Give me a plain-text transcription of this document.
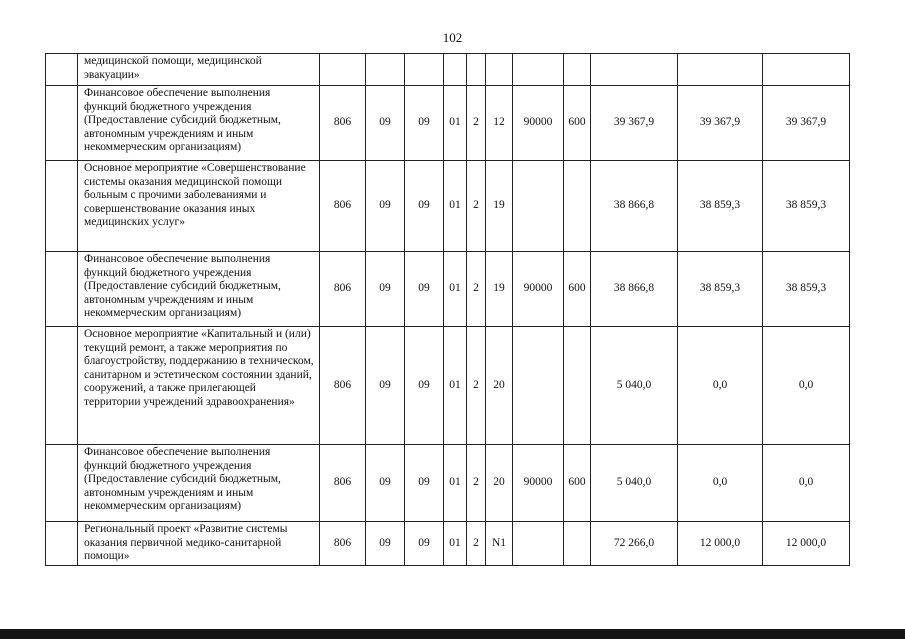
102
	медицинской помощи, медицинской эвакуации»											
	Финансовое обеспечение выполнения функций бюджетного учреждения (Предоставление субсидий бюджетным, автономным учреждениям и иным некоммерческим организациям)	806	09	09	01	2	12	90000	600	39 367,9	39 367,9	39 367,9
	Основное мероприятие «Совершенствование системы оказания медицинской помощи больным с прочими заболеваниями и совершенствование оказания иных медицинских услуг»	806	09	09	01	2	19			38 866,8	38 859,3	38 859,3
	Финансовое обеспечение выполнения функций бюджетного учреждения (Предоставление субсидий бюджетным, автономным учреждениям и иным некоммерческим организациям)	806	09	09	01	2	19	90000	600	38 866,8	38 859,3	38 859,3
	Основное мероприятие «Капитальный и (или) текущий ремонт, а также мероприятия по благоустройству, поддержанию в техническом, санитарном и эстетическом состоянии зданий, сооружений, а также прилегающей территории учреждений здравоохранения»	806	09	09	01	2	20			5 040,0	0,0	0,0
	Финансовое обеспечение выполнения функций бюджетного учреждения (Предоставление субсидий бюджетным, автономным учреждениям и иным некоммерческим организациям)	806	09	09	01	2	20	90000	600	5 040,0	0,0	0,0
	Региональный проект «Развитие системы оказания первичной медико-санитарной помощи»	806	09	09	01	2	N1			72 266,0	12 000,0	12 000,0
